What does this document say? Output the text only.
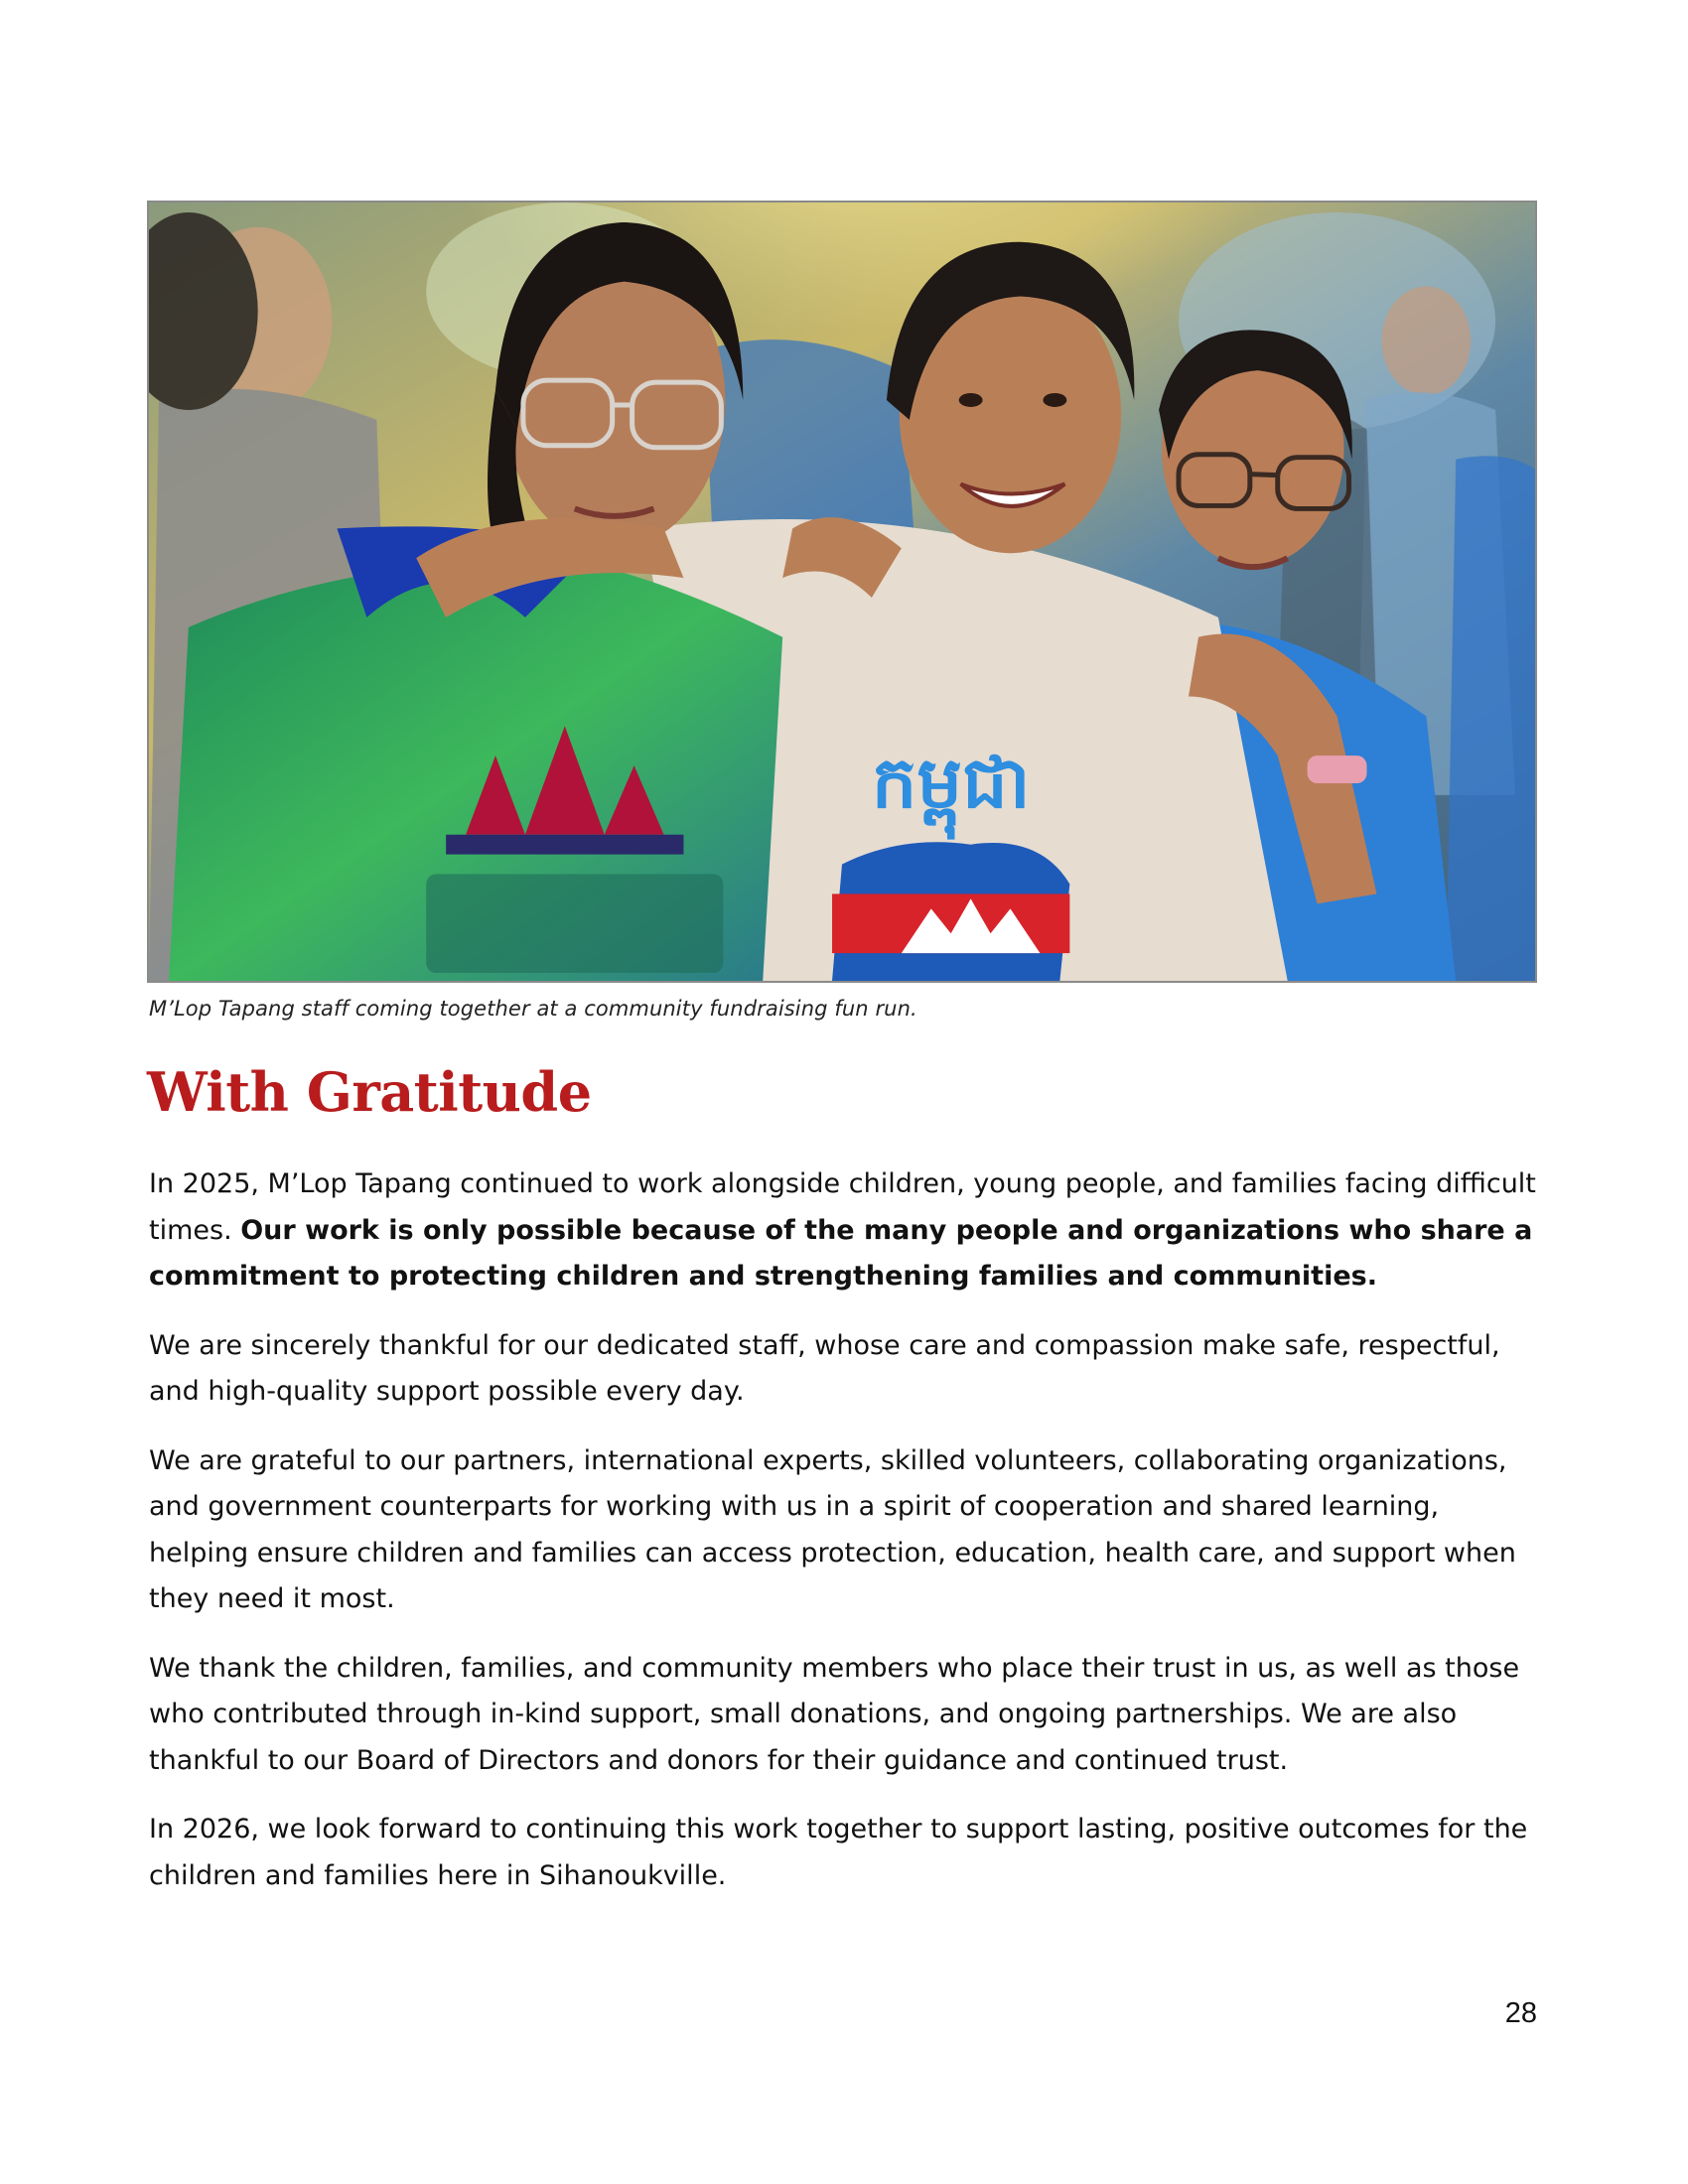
កម្ពុជា
M’Lop Tapang staff coming together at a community fundraising fun run.
With Gratitude

In 2025, M’Lop Tapang continued to work alongside children, young people, and families facing difficult times. Our work is only possible because of the many people and organizations who share a commitment to protecting children and strengthening families and communities.

We are sincerely thankful for our dedicated staff, whose care and compassion make safe, respectful, and high-quality support possible every day.

We are grateful to our partners, international experts, skilled volunteers, collaborating organizations, and government counterparts for working with us in a spirit of cooperation and shared learning, helping ensure children and families can access protection, education, health care, and support when they need it most.

We thank the children, families, and community members who place their trust in us, as well as those who contributed through in-kind support, small donations, and ongoing partnerships. We are also thankful to our Board of Directors and donors for their guidance and continued trust.

In 2026, we look forward to continuing this work together to support lasting, positive outcomes for the children and families here in Sihanoukville.

28
